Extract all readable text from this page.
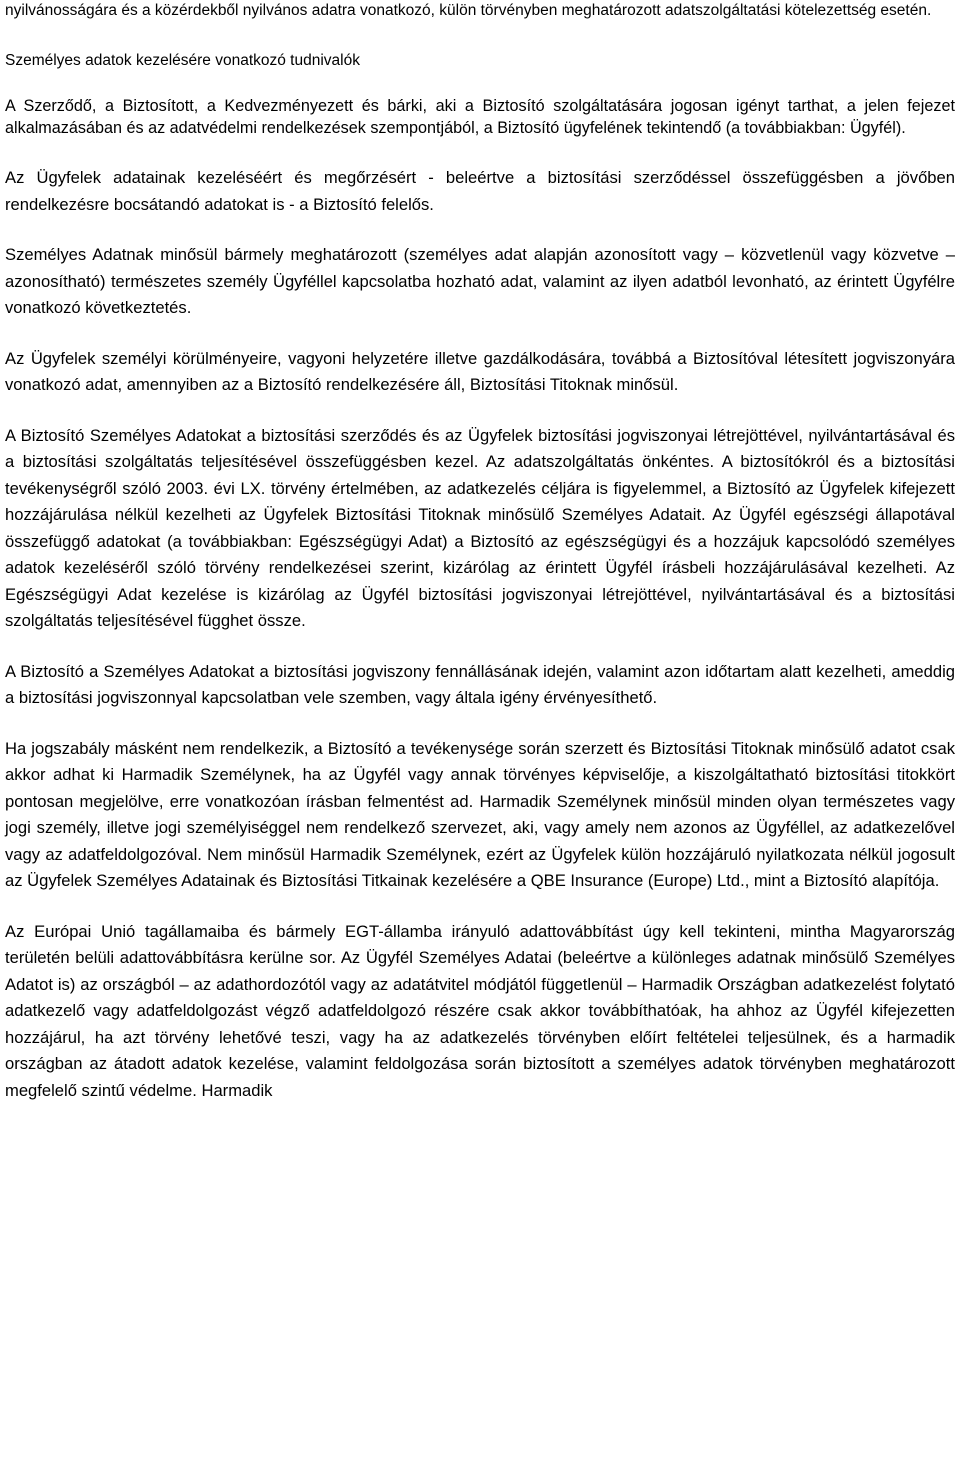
nyilvánosságára és a közérdekből nyilvános adatra vonatkozó, külön törvényben meghatározott adatszolgáltatási kötelezettség esetén.

Személyes adatok kezelésére vonatkozó tudnivalók

A Szerződő, a Biztosított, a Kedvezményezett és bárki, aki a Biztosító szolgáltatására jogosan igényt tarthat, a jelen fejezet alkalmazásában és az adatvédelmi rendelkezések szempontjából, a Biztosító ügyfelének tekintendő (a továbbiakban: Ügyfél).

Az Ügyfelek adatainak kezeléséért és megőrzésért - beleértve a biztosítási szerződéssel összefüggésben a jövőben rendelkezésre bocsátandó adatokat is - a Biztosító felelős.

Személyes Adatnak minősül bármely meghatározott (személyes adat alapján azonosított vagy – közvetlenül vagy közvetve – azonosítható) természetes személy Ügyféllel kapcsolatba hozható adat, valamint az ilyen adatból levonható, az érintett Ügyfélre vonatkozó következtetés.

Az Ügyfelek személyi körülményeire, vagyoni helyzetére illetve gazdálkodására, továbbá a Biztosítóval létesített jogviszonyára vonatkozó adat, amennyiben az a Biztosító rendelkezésére áll, Biztosítási Titoknak minősül.

A Biztosító Személyes Adatokat a biztosítási szerződés és az Ügyfelek biztosítási jogviszonyai létrejöttével, nyilvántartásával és a biztosítási szolgáltatás teljesítésével összefüggésben kezel. Az adatszolgáltatás önkéntes. A biztosítókról és a biztosítási tevékenységről szóló 2003. évi LX. törvény értelmében, az adatkezelés céljára is figyelemmel, a Biztosító az Ügyfelek kifejezett hozzájárulása nélkül kezelheti az Ügyfelek Biztosítási Titoknak minősülő Személyes Adatait. Az Ügyfél egészségi állapotával összefüggő adatokat (a továbbiakban: Egészségügyi Adat) a Biztosító az egészségügyi és a hozzájuk kapcsolódó személyes adatok kezeléséről szóló törvény rendelkezései szerint, kizárólag az érintett Ügyfél írásbeli hozzájárulásával kezelheti. Az Egészségügyi Adat kezelése is kizárólag az Ügyfél biztosítási jogviszonyai létrejöttével, nyilvántartásával és a biztosítási szolgáltatás teljesítésével függhet össze.

A Biztosító a Személyes Adatokat a biztosítási jogviszony fennállásának idején, valamint azon időtartam alatt kezelheti, ameddig a biztosítási jogviszonnyal kapcsolatban vele szemben, vagy általa igény érvényesíthető.

Ha jogszabály másként nem rendelkezik, a Biztosító a tevékenysége során szerzett és Biztosítási Titoknak minősülő adatot csak akkor adhat ki Harmadik Személynek, ha az Ügyfél vagy annak törvényes képviselője, a kiszolgáltatható biztosítási titokkört pontosan megjelölve, erre vonatkozóan írásban felmentést ad. Harmadik Személynek minősül minden olyan természetes vagy jogi személy, illetve jogi személyiséggel nem rendelkező szervezet, aki, vagy amely nem azonos az Ügyféllel, az adatkezelővel vagy az adatfeldolgozóval. Nem minősül Harmadik Személynek, ezért az Ügyfelek külön hozzájáruló nyilatkozata nélkül jogosult az Ügyfelek Személyes Adatainak és Biztosítási Titkainak kezelésére a QBE Insurance (Europe) Ltd., mint a Biztosító alapítója.

Az Európai Unió tagállamaiba és bármely EGT-államba irányuló adattovábbítást úgy kell tekinteni, mintha Magyarország területén belüli adattovábbításra kerülne sor. Az Ügyfél Személyes Adatai (beleértve a különleges adatnak minősülő Személyes Adatot is) az országból – az adathordozótól vagy az adatátvitel módjától függetlenül – Harmadik Országban adatkezelést folytató adatkezelő vagy adatfeldolgozást végző adatfeldolgozó részére csak akkor továbbíthatóak, ha ahhoz az Ügyfél kifejezetten hozzájárul, ha azt törvény lehetővé teszi, vagy ha az adatkezelés törvényben előírt feltételei teljesülnek, és a harmadik országban az átadott adatok kezelése, valamint feldolgozása során biztosított a személyes adatok törvényben meghatározott megfelelő szintű védelme. Harmadik
